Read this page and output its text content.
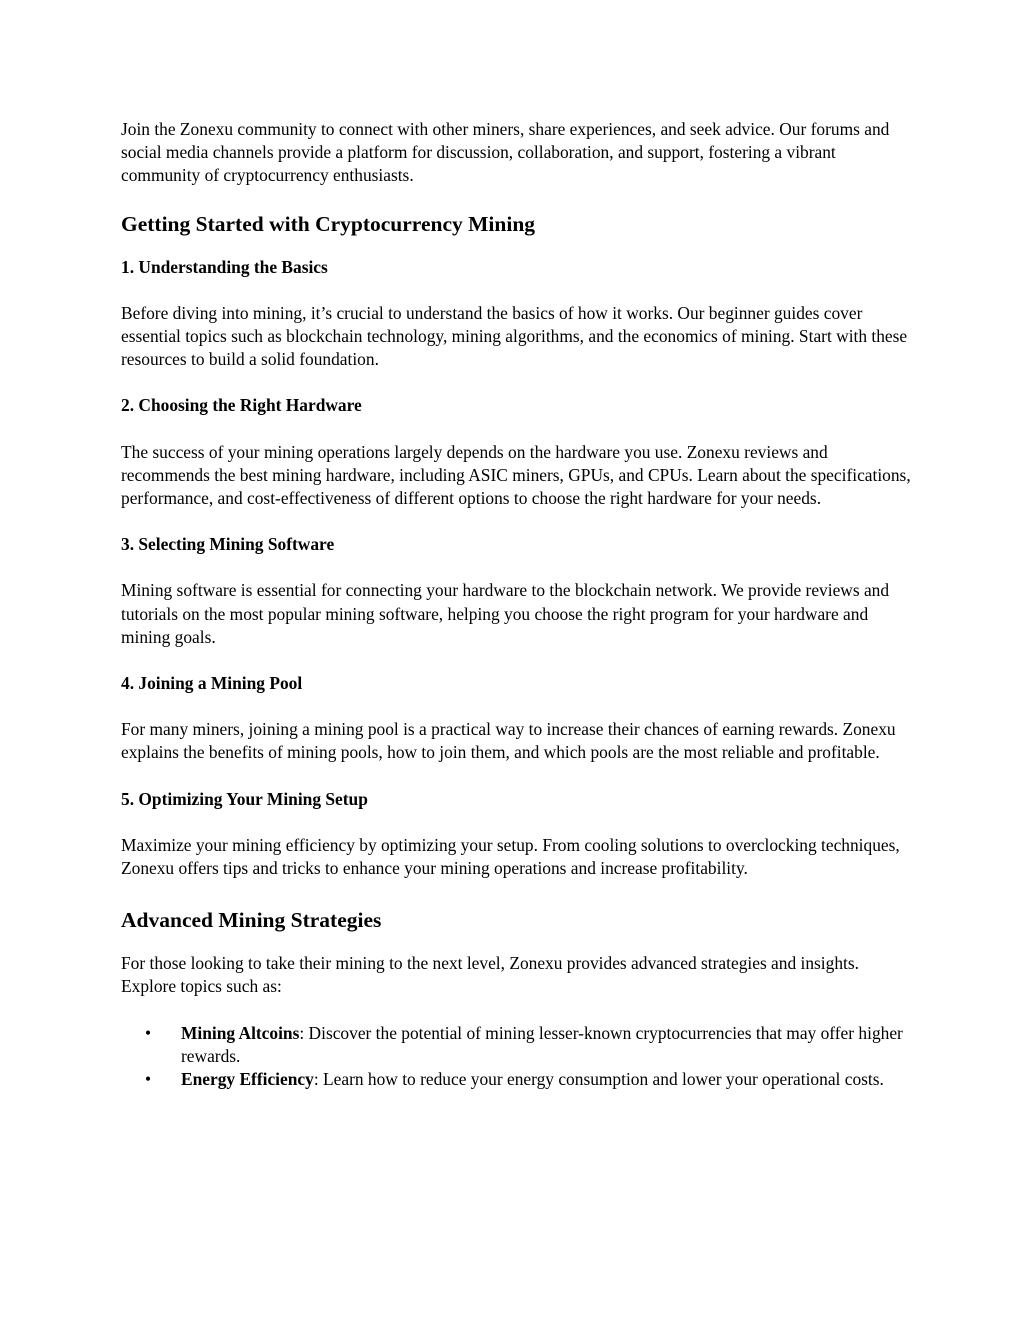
Join the Zonexu community to connect with other miners, share experiences, and seek advice. Our forums and social media channels provide a platform for discussion, collaboration, and support, fostering a vibrant community of cryptocurrency enthusiasts.

Getting Started with Cryptocurrency Mining
1. Understanding the Basics

Before diving into mining, it’s crucial to understand the basics of how it works. Our beginner guides cover essential topics such as blockchain technology, mining algorithms, and the economics of mining. Start with these resources to build a solid foundation.

2. Choosing the Right Hardware

The success of your mining operations largely depends on the hardware you use. Zonexu reviews and recommends the best mining hardware, including ASIC miners, GPUs, and CPUs. Learn about the specifications, performance, and cost-effectiveness of different options to choose the right hardware for your needs.

3. Selecting Mining Software

Mining software is essential for connecting your hardware to the blockchain network. We provide reviews and tutorials on the most popular mining software, helping you choose the right program for your hardware and mining goals.

4. Joining a Mining Pool

For many miners, joining a mining pool is a practical way to increase their chances of earning rewards. Zonexu explains the benefits of mining pools, how to join them, and which pools are the most reliable and profitable.

5. Optimizing Your Mining Setup

Maximize your mining efficiency by optimizing your setup. From cooling solutions to overclocking techniques, Zonexu offers tips and tricks to enhance your mining operations and increase profitability.

Advanced Mining Strategies

For those looking to take their mining to the next level, Zonexu provides advanced strategies and insights. Explore topics such as:

• Mining Altcoins: Discover the potential of mining lesser-known cryptocurrencies that may offer higher rewards.
• Energy Efficiency: Learn how to reduce your energy consumption and lower your operational costs.
